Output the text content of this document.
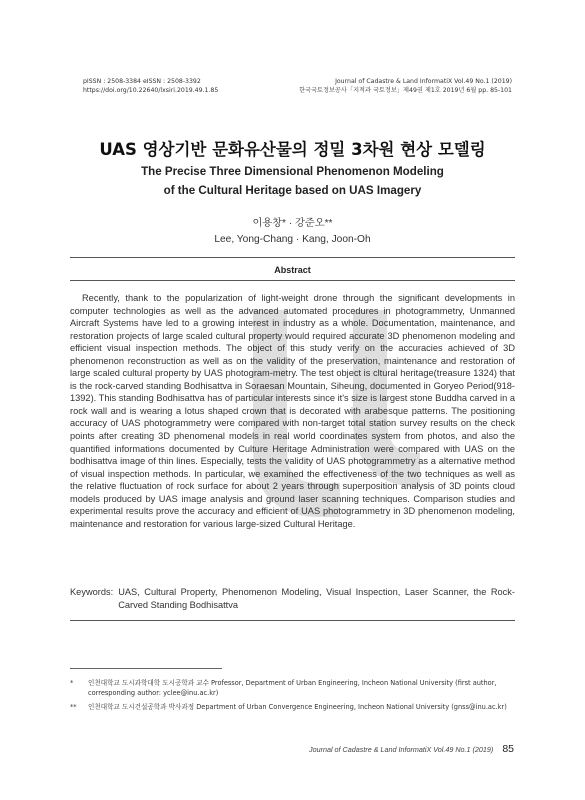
pISSN : 2508-3384 eISSN : 2508-3392
https://doi.org/10.22640/lxsiri.2019.49.1.85
Journal of Cadastre & Land InformatiX Vol.49 No.1 (2019)
한국국토정보공사「지적과 국토정보」제49권 제1호 2019년 6월 pp. 85-101
UAS 영상기반 문화유산물의 정밀 3차원 현상 모델링
The Precise Three Dimensional Phenomenon Modeling
of the Cultural Heritage based on UAS Imagery
이용창* · 강준오**
Lee, Yong-Chang · Kang, Joon-Oh
Abstract

Recently, thank to the popularization of light-weight drone through the significant developments in computer technologies as well as the advanced automated procedures in photogrammetry, Unmanned Aircraft Systems have led to a growing interest in industry as a whole. Documentation, maintenance, and restoration projects of large scaled cultural property would required accurate 3D phenomenon modeling and efficient visual inspection methods. The object of this study verify on the accuracies achieved of 3D phenomenon reconstruction as well as on the validity of the preservation, maintenance and restoration of large scaled cultural property by UAS photogram-metry. The test object is cltural heritage(treasure 1324) that is the rock-carved standing Bodhisattva in Soraesan Mountain, Siheung, documented in Goryeo Period(918-1392). This standing Bodhisattva has of particular interests since it's size is largest stone Buddha carved in a rock wall and is wearing a lotus shaped crown that is decorated with arabesque patterns. The positioning accuracy of UAS photogrammetry were compared with non-target total station survey results on the check points after creating 3D phenomenal models in real world coordinates system from photos, and also the quantified informations documented by Culture Heritage Administration were compared with UAS on the bodhisattva image of thin lines. Especially, tests the validity of UAS photogrammetry as a alternative method of visual inspection methods. In particular, we examined the effectiveness of the two techniques as well as the relative fluctuation of rock surface for about 2 years through superposition analysis of 3D points cloud models produced by UAS image analysis and ground laser scanning techniques. Comparison studies and experimental results prove the accuracy and efficient of UAS photogrammetry in 3D phenomenon modeling, maintenance and restoration for various large-sized Cultural Heritage.

Keywords: UAS, Cultural Property, Phenomenon Modeling, Visual Inspection, Laser Scanner, the Rock-Carved Standing Bodhisattva
*	인천대학교 도시과학대학 도시공학과 교수 Professor, Department of Urban Engineering, Incheon National University (first author, corresponding author: yclee@inu.ac.kr)
**	인천대학교 도시건설공학과 박사과정 Department of Urban Convergence Engineering, Incheon National University (gnss@inu.ac.kr)
Journal of Cadastre & Land InformatiX Vol.49 No.1 (2019) 85
